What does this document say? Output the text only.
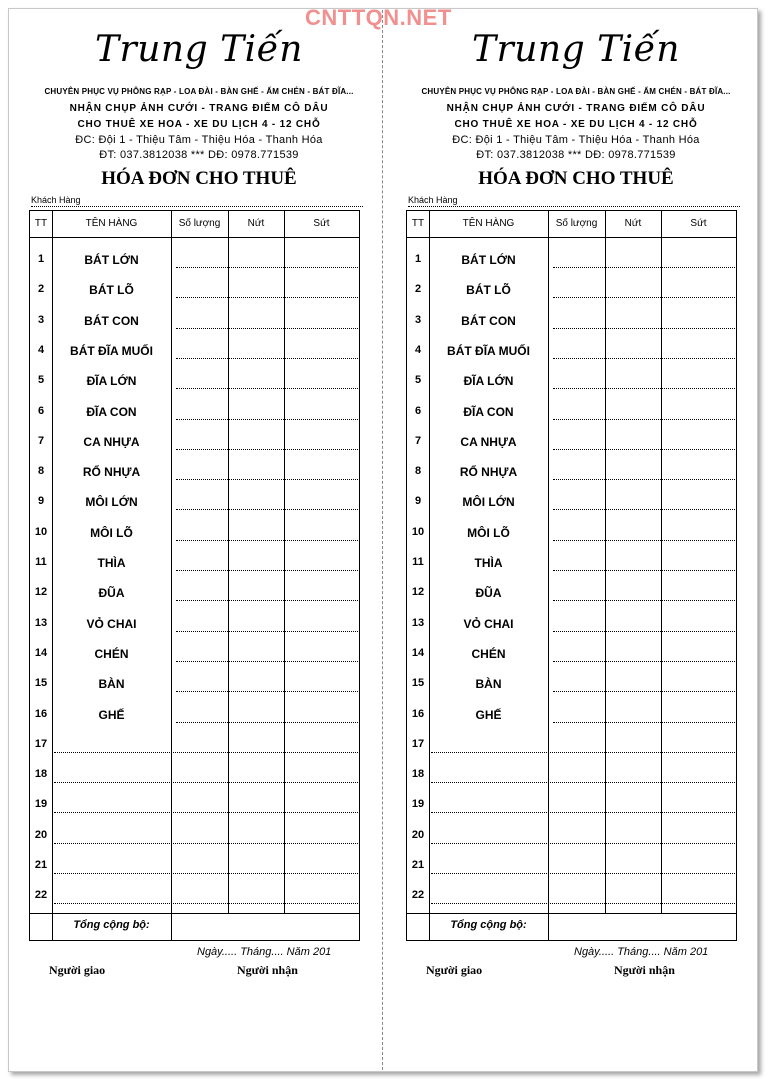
CNTTQN.NET
Trung Tiến
CHUYÊN PHỤC VỤ PHÔNG RẠP - LOA ĐÀI - BÀN GHẾ - ẤM CHÉN - BÁT ĐĨA...
NHẬN CHỤP ẢNH CƯỚI - TRANG ĐIỂM CÔ DÂU
CHO THUÊ XE HOA - XE DU LỊCH 4 - 12 CHỖ
ĐC: Đội 1 - Thiệu Tâm - Thiệu Hóa - Thanh Hóa
ĐT: 037.3812038 *** DĐ: 0978.771539
HÓA ĐƠN CHO THUÊ
Khách Hàng
TT	TÊN HÀNG	Số lượng	Nứt	Sứt
1	BÁT LỚN
2	BÁT LÕ
3	BÁT CON
4	BÁT ĐĨA MUỐI
5	ĐĨA LỚN
6	ĐĨA CON
7	CA NHỰA
8	RỔ NHỰA
9	MÔI LỚN
10	MÔI LÕ
11	THÌA
12	ĐŨA
13	VỎ CHAI
14	CHÉN
15	BÀN
16	GHẾ
17
18
19
20
21
22
Tổng cộng bộ:
Ngày..... Tháng.... Năm 201
Người giao	Người nhận
Trung Tiến
CHUYÊN PHỤC VỤ PHÔNG RẠP - LOA ĐÀI - BÀN GHẾ - ẤM CHÉN - BÁT ĐĨA...
NHẬN CHỤP ẢNH CƯỚI - TRANG ĐIỂM CÔ DÂU
CHO THUÊ XE HOA - XE DU LỊCH 4 - 12 CHỖ
ĐC: Đội 1 - Thiệu Tâm - Thiệu Hóa - Thanh Hóa
ĐT: 037.3812038 *** DĐ: 0978.771539
HÓA ĐƠN CHO THUÊ
Khách Hàng
TT	TÊN HÀNG	Số lượng	Nứt	Sứt
1	BÁT LỚN
2	BÁT LÕ
3	BÁT CON
4	BÁT ĐĨA MUỐI
5	ĐĨA LỚN
6	ĐĨA CON
7	CA NHỰA
8	RỔ NHỰA
9	MÔI LỚN
10	MÔI LÕ
11	THÌA
12	ĐŨA
13	VỎ CHAI
14	CHÉN
15	BÀN
16	GHẾ
17
18
19
20
21
22
Tổng cộng bộ:
Ngày..... Tháng.... Năm 201
Người giao	Người nhận
